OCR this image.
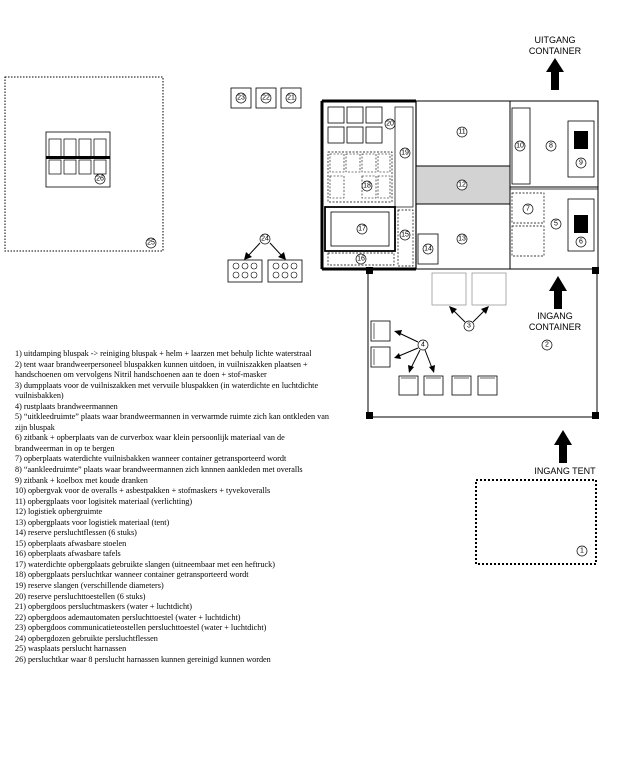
26
25
23 22 21
24
20
18
19
17
15
16
11
12
13
14
10	8
9
6
7
5
UITGANG
CONTAINER
2
3
4
INGANG
CONTAINER
INGANG TENT
1
1) uitdamping bluspak -> reiniging bluspak + helm + laarzen met behulp lichte waterstraal
2) tent waar brandweerpersoneel bluspakken kunnen uitdoen, in vuilniszakken plaatsen + handschoenen om vervolgens Nitril handschoenen aan te doen + stof-masker
3) dumpplaats voor de vuilniszakken met vervuile bluspakken (in waterdichte en luchtdichte vuilnisbakken)
4) rustplaats brandweermannen
5) “uitkleedruimte” plaats waar brandweermannen in verwarmde ruimte zich kan ontkleden van zijn bluspak
6) zitbank + opberplaats van de curverbox waar klein persoonlijk materiaal van de brandweerman in op te bergen
7) opberplaats waterdichte vuilnisbakken wanneer container getransporteerd wordt
8) “aankleedruimte” plaats waar brandweermannen zich knnnen aankleden met overalls
9) zitbank + koelbox met koude dranken
10) opbergvak voor de overalls + asbestpakken + stofmaskers + tyvekoveralls
11) opbergplaats voor logisitek materiaal (verlichting)
12) logistiek opbergruimte
13) opbergplaats voor logistiek materiaal (tent)
14) reserve persluchtflessen (6 stuks)
15) opberplaats afwasbare stoelen
16) opberplaats afwasbare tafels
17) waterdichte opbergplaats gebruikte slangen (uitneembaar met een heftruck)
18) opbergplaats persluchtkar wanneer container getransporteerd wordt
19) reserve slangen (verschillende diameters)
20) reserve persluchttoestellen (6 stuks)
21) opbergdoos persluchtmaskers (water + luchtdicht)
22) opbergdoos ademautomaten persluchttoestel (water + luchtdicht)
23) opbergdoos communicatieteostellen persluchttoestel (water + luchtdicht)
24) opbergdozen gebruikte persluchtflessen
25) wasplaats perslucht harnassen
26) persluchtkar waar 8 perslucht harnassen kunnen gereinigd kunnen worden
